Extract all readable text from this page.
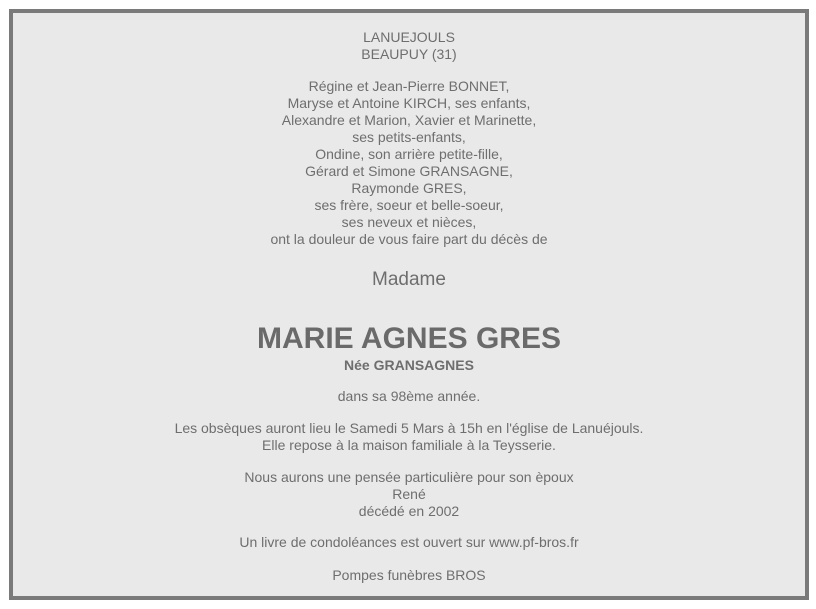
LANUEJOULS
BEAUPUY (31)
Régine et Jean-Pierre BONNET,
Maryse et Antoine KIRCH, ses enfants,
Alexandre et Marion, Xavier et Marinette,
ses petits-enfants,
Ondine, son arrière petite-fille,
Gérard et Simone GRANSAGNE,
Raymonde GRES,
ses frère, soeur et belle-soeur,
ses neveux et nièces,
ont la douleur de vous faire part du décès de
Madame
MARIE AGNES GRES
Née GRANSAGNES
dans sa 98ème année.
Les obsèques auront lieu le Samedi 5 Mars à 15h en l'église de Lanuéjouls.
Elle repose à la maison familiale à la Teysserie.
Nous aurons une pensée particulière pour son èpoux
René
décédé en 2002
Un livre de condoléances est ouvert sur www.pf-bros.fr
Pompes funèbres BROS
